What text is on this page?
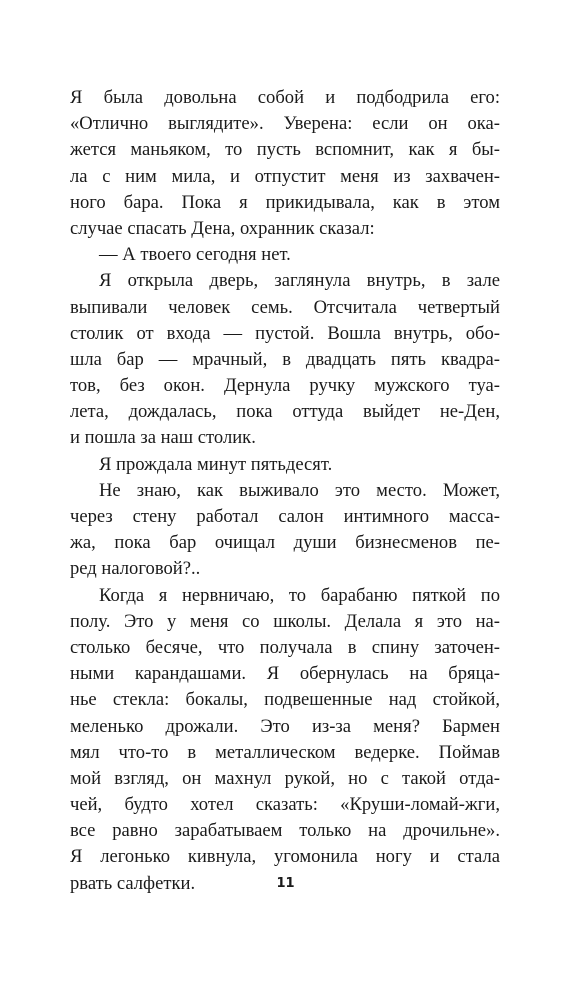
Я была довольна собой и подбодрила его:
«Отлично выглядите». Уверена: если он ока-
жется маньяком, то пусть вспомнит, как я бы-
ла с ним мила, и отпустит меня из захвачен-
ного бара. Пока я прикидывала, как в этом
случае спасать Дена, охранник сказал:
— А твоего сегодня нет.
Я открыла дверь, заглянула внутрь, в зале
выпивали человек семь. Отсчитала четвертый
столик от входа — пустой. Вошла внутрь, обо-
шла бар — мрачный, в двадцать пять квадра-
тов, без окон. Дернула ручку мужского туа-
лета, дождалась, пока оттуда выйдет не-Ден,
и пошла за наш столик.
Я прождала минут пятьдесят.
Не знаю, как выживало это место. Может,
через стену работал салон интимного масса-
жа, пока бар очищал души бизнесменов пе-
ред налоговой?..
Когда я нервничаю, то барабаню пяткой по
полу. Это у меня со школы. Делала я это на-
столько бесяче, что получала в спину заточен-
ными карандашами. Я обернулась на бряца-
нье стекла: бокалы, подвешенные над стойкой,
меленько дрожали. Это из-за меня? Бармен
мял что-то в металлическом ведерке. Поймав
мой взгляд, он махнул рукой, но с такой отда-
чей, будто хотел сказать: «Круши-ломай-жги,
все равно зарабатываем только на дрочильне».
Я легонько кивнула, угомонила ногу и стала
рвать салфетки.	11
